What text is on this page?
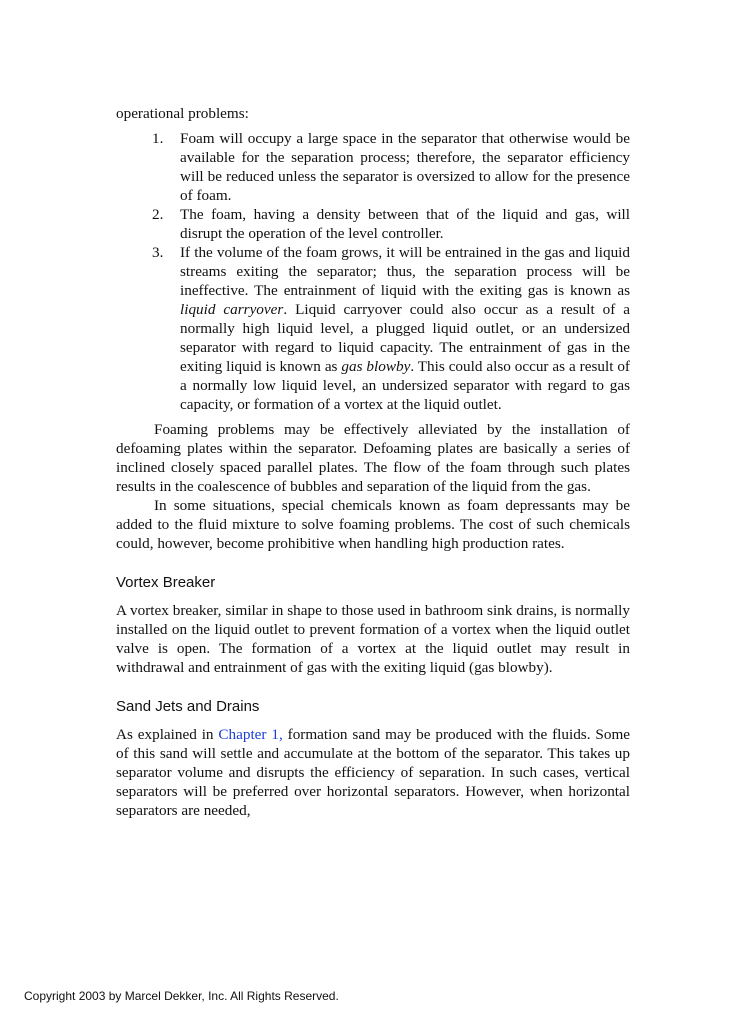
operational problems:

1. Foam will occupy a large space in the separator that otherwise would be available for the separation process; therefore, the separator efficiency will be reduced unless the separator is oversized to allow for the presence of foam.
2. The foam, having a density between that of the liquid and gas, will disrupt the operation of the level controller.
3. If the volume of the foam grows, it will be entrained in the gas and liquid streams exiting the separator; thus, the separation process will be ineffective. The entrainment of liquid with the exiting gas is known as liquid carryover. Liquid carryover could also occur as a result of a normally high liquid level, a plugged liquid outlet, or an undersized separator with regard to liquid capacity. The entrainment of gas in the exiting liquid is known as gas blowby. This could also occur as a result of a normally low liquid level, an undersized separator with regard to gas capacity, or formation of a vortex at the liquid outlet.

Foaming problems may be effectively alleviated by the installation of defoaming plates within the separator. Defoaming plates are basically a series of inclined closely spaced parallel plates. The flow of the foam through such plates results in the coalescence of bubbles and separation of the liquid from the gas.

In some situations, special chemicals known as foam depressants may be added to the fluid mixture to solve foaming problems. The cost of such chemicals could, however, become prohibitive when handling high production rates.

Vortex Breaker

A vortex breaker, similar in shape to those used in bathroom sink drains, is normally installed on the liquid outlet to prevent formation of a vortex when the liquid outlet valve is open. The formation of a vortex at the liquid outlet may result in withdrawal and entrainment of gas with the exiting liquid (gas blowby).

Sand Jets and Drains

As explained in Chapter 1, formation sand may be produced with the fluids. Some of this sand will settle and accumulate at the bottom of the separator. This takes up separator volume and disrupts the efficiency of separation. In such cases, vertical separators will be preferred over horizontal separators. However, when horizontal separators are needed,

Copyright 2003 by Marcel Dekker, Inc. All Rights Reserved.
